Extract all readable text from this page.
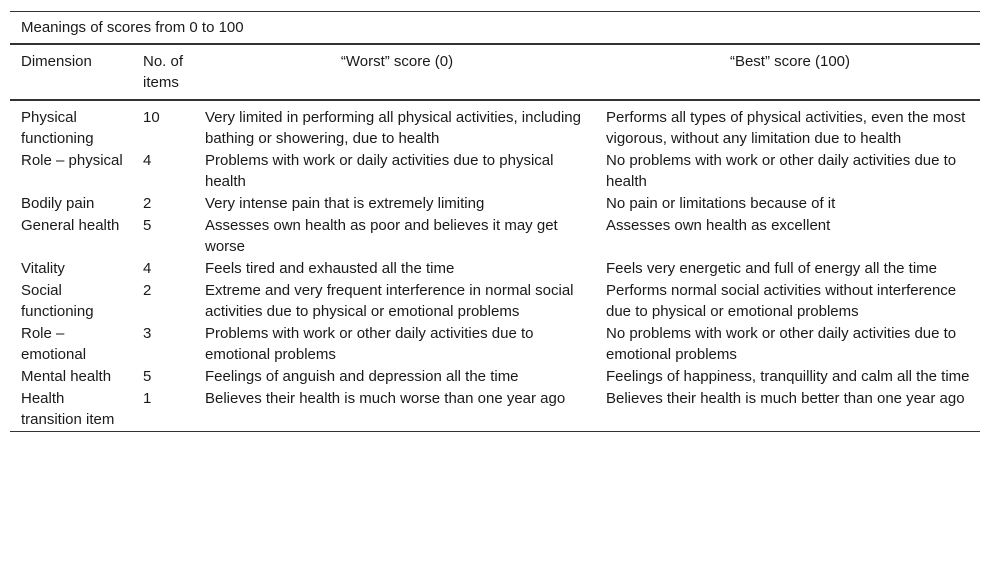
Meanings of scores from 0 to 100			
Dimension	No. of items	“Worst” score (0)	“Best” score (100)
Physical functioning	10	Very limited in performing all physical activities, including bathing or showering, due to health	Performs all types of physical activities, even the most vigorous, without any limitation due to health
Role – physical	4	Problems with work or daily activities due to physical health	No problems with work or other daily activities due to health
Bodily pain	2	Very intense pain that is extremely limiting	No pain or limitations because of it
General health	5	Assesses own health as poor and believes it may get worse	Assesses own health as excellent
Vitality	4	Feels tired and exhausted all the time	Feels very energetic and full of energy all the time
Social functioning	2	Extreme and very frequent interference in normal social activities due to physical or emotional problems	Performs normal social activities without interference due to physical or emotional problems
Role – emotional	3	Problems with work or other daily activities due to emotional problems	No problems with work or other daily activities due to emotional problems
Mental health	5	Feelings of anguish and depression all the time	Feelings of happiness, tranquillity and calm all the time
Health transition item	1	Believes their health is much worse than one year ago	Believes their health is much better than one year ago
